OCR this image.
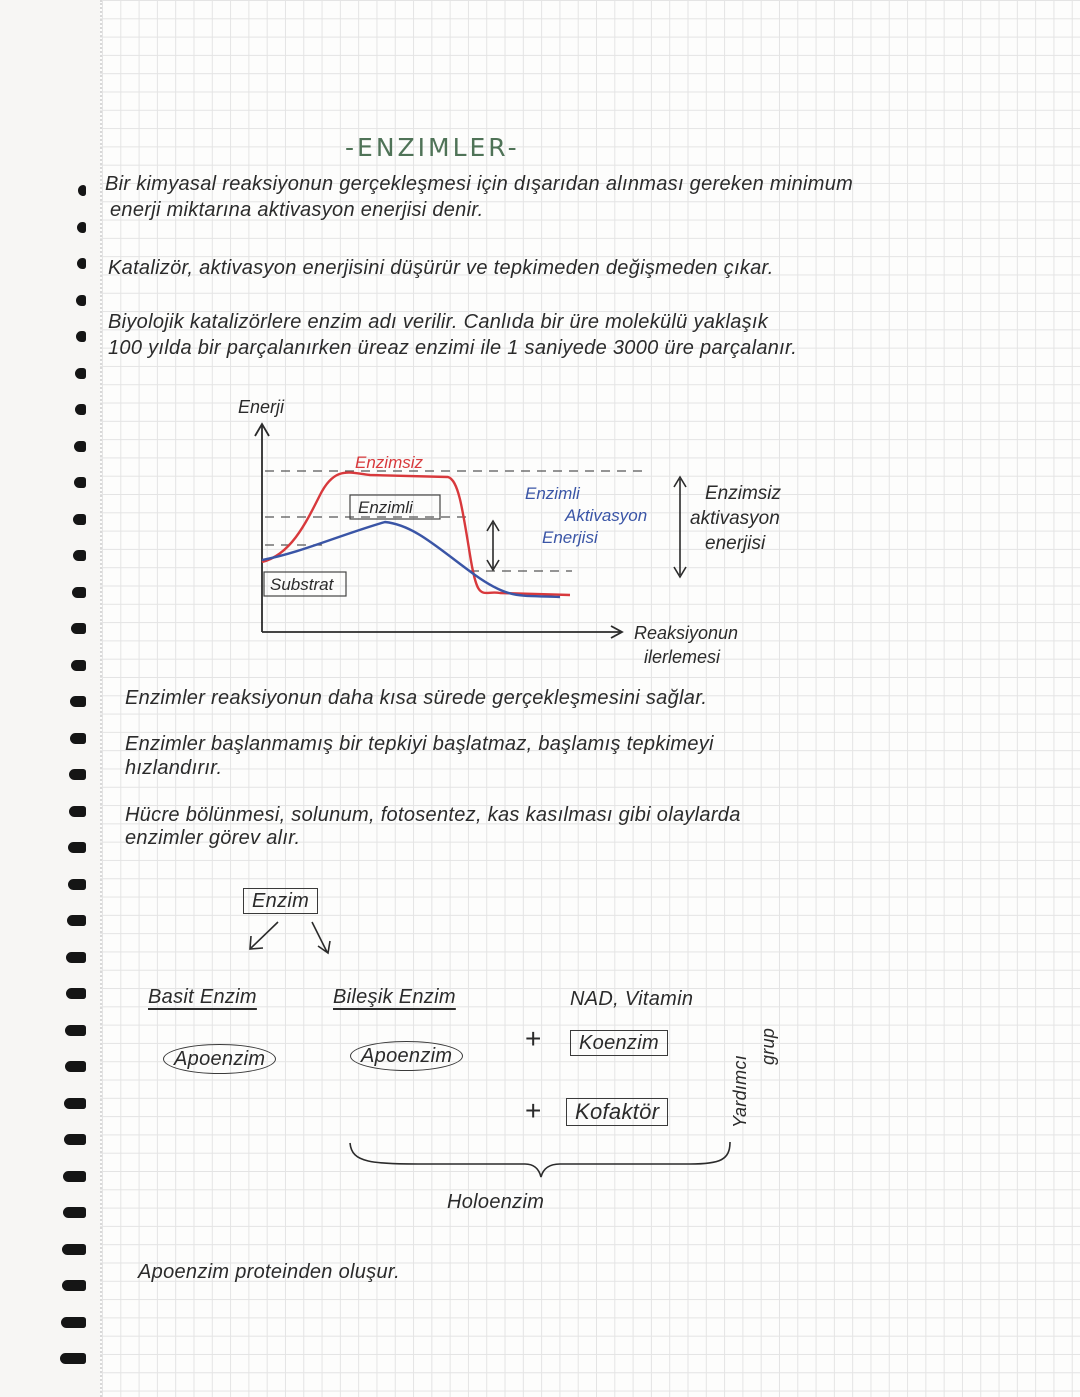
-ENZIMLER-
Bir kimyasal reaksiyonun gerçekleşmesi için dışarıdan alınması gereken minimum
enerji miktarına aktivasyon enerjisi denir.
Katalizör, aktivasyon enerjisini düşürür ve tepkimeden değişmeden çıkar.
Biyolojik katalizörlere enzim adı verilir. Canlıda bir üre molekülü yaklaşık
100 yılda bir parçalanırken üreaz enzimi ile 1 saniyede 3000 üre parçalanır.
Enerji
Reaksiyonun
ilerlemesi
Enzimsiz
Enzimli
Substrat
Enzimli
Aktivasyon
Enerjisi
Enzimsiz
aktivasyon
enerjisi
Enzimler reaksiyonun daha kısa sürede gerçekleşmesini sağlar.
Enzimler başlanmamış bir tepkiyi başlatmaz, başlamış tepkimeyi
hızlandırır.
Hücre bölünmesi, solunum, fotosentez, kas kasılması gibi olaylarda
enzimler görev alır.
Enzim
Basit Enzim	Bileşik Enzim	NAD, Vitamin
Apoenzim	Apoenzim
+	Koenzim
+	Kofaktör	Yardımcı
grup
Holoenzim
Apoenzim proteinden oluşur.
